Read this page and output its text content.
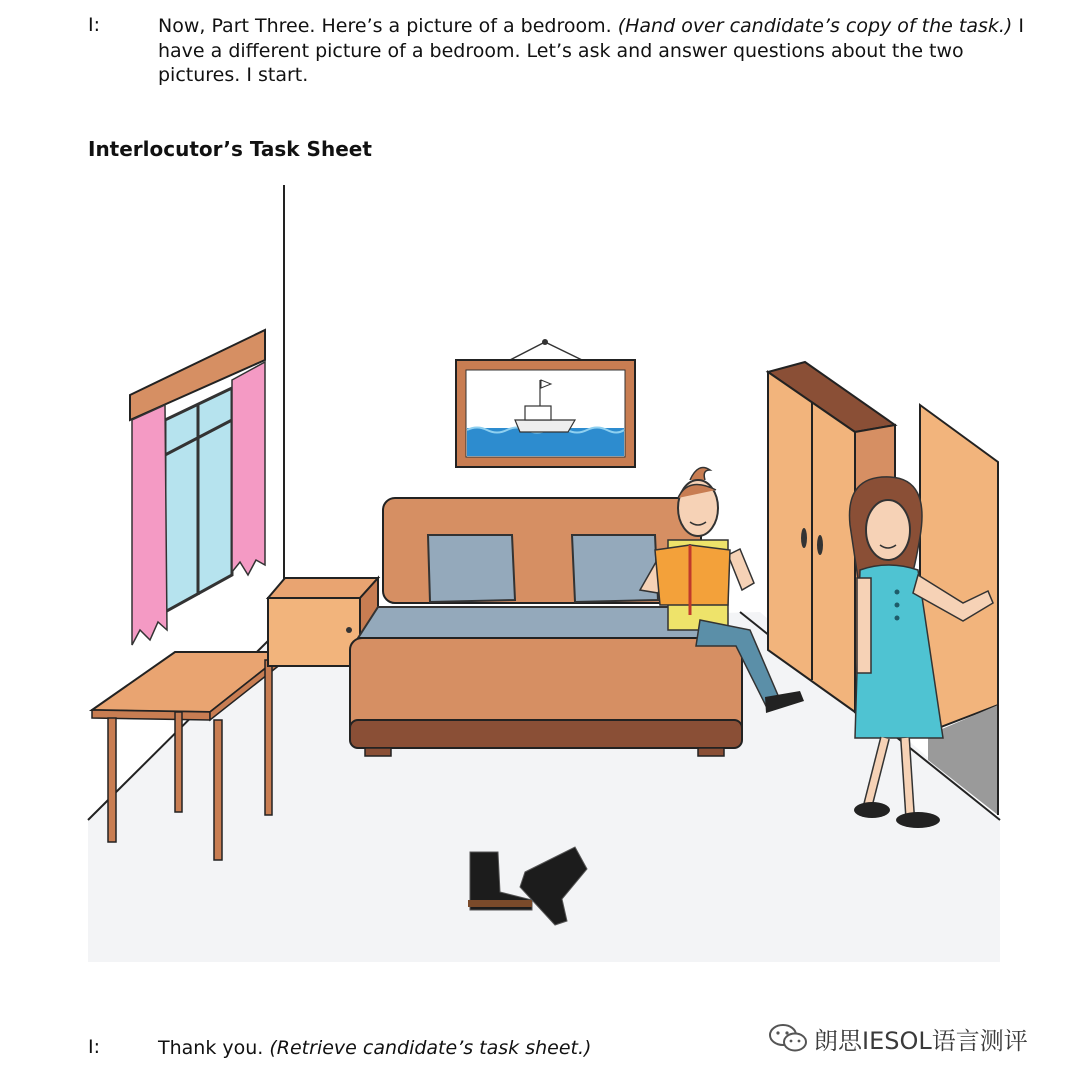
I:	Now, Part Three. Here’s a picture of a bedroom. (Hand over candidate’s copy of the task.) I have a different picture of a bedroom. Let’s ask and answer questions about the two pictures. I start.
Interlocutor’s Task Sheet
I:	Thank you. (Retrieve candidate’s task sheet.)	朗思IESOL语言测评
